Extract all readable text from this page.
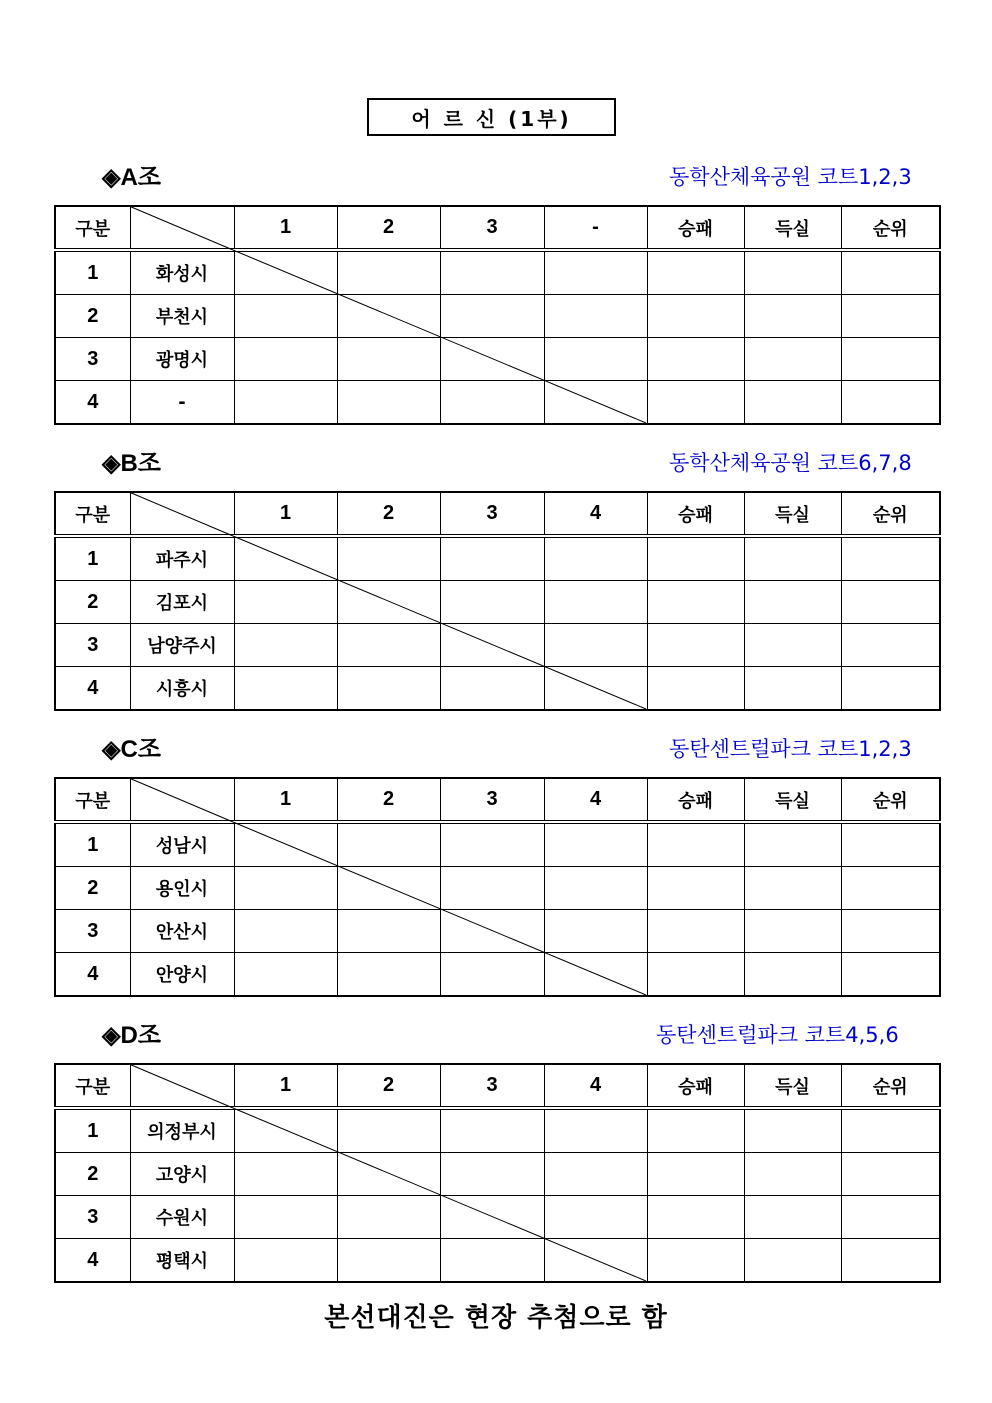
어 르 신 (1부)
◈A조	동학산체육공원 코트1,2,3
구분		1	2	3	-	승패	득실	순위
1	화성시							
2	부천시							
3	광명시							
4	-							
◈B조	동학산체육공원 코트6,7,8
구분		1	2	3	4	승패	득실	순위
1	파주시							
2	김포시							
3	남양주시							
4	시흥시							
◈C조	동탄센트럴파크 코트1,2,3
구분		1	2	3	4	승패	득실	순위
1	성남시							
2	용인시							
3	안산시							
4	안양시							
◈D조	동탄센트럴파크 코트4,5,6
구분		1	2	3	4	승패	득실	순위
1	의정부시							
2	고양시							
3	수원시							
4	평택시							
본선대진은 현장 추첨으로 함
